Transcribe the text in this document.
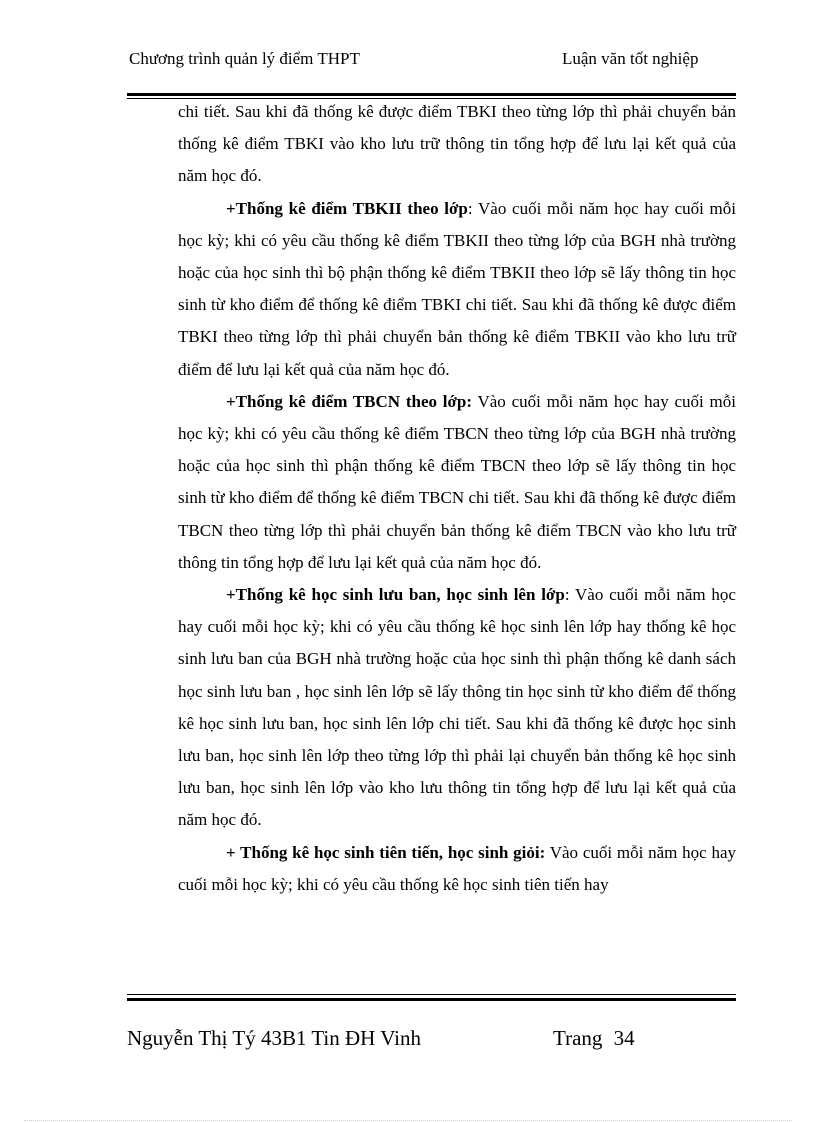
Chương trình quản lý điểm THPT	Luận văn tốt nghiệp

chi tiết. Sau khi đã thống kê được điểm TBKI theo từng lớp thì phải chuyển bản thống kê điểm TBKI vào kho lưu trữ thông tin tổng hợp để lưu lại kết quả của năm học đó.

+Thống kê điểm TBKII theo lớp: Vào cuối mỗi năm học hay cuối mỗi học kỳ; khi có yêu cầu thống kê điểm TBKII theo từng lớp của BGH nhà trường hoặc của học sinh thì bộ phận thống kê điểm TBKII theo lớp sẽ lấy thông tin học sinh từ kho điểm để thống kê điểm TBKI chi tiết. Sau khi đã thống kê được điểm TBKI theo từng lớp thì phải chuyển bản thống kê điểm TBKII vào kho lưu trữ điểm để lưu lại kết quả của năm học đó.

+Thống kê điểm TBCN theo lớp: Vào cuối mỗi năm học hay cuối mỗi học kỳ; khi có yêu cầu thống kê điểm TBCN theo từng lớp của BGH nhà trường hoặc của học sinh thì phận thống kê điểm TBCN theo lớp sẽ lấy thông tin học sinh từ kho điểm để thống kê điểm TBCN chi tiết. Sau khi đã thống kê được điểm TBCN theo từng lớp thì phải chuyển bản thống kê điểm TBCN vào kho lưu trữ thông tin tổng hợp để lưu lại kết quả của năm học đó.

+Thống kê học sinh lưu ban, học sinh lên lớp: Vào cuối mỗi năm học hay cuối mỗi học kỳ; khi có yêu cầu thống kê học sinh lên lớp hay thống kê học sinh lưu ban của BGH nhà trường hoặc của học sinh thì phận thống kê danh sách học sinh lưu ban , học sinh lên lớp sẽ lấy thông tin học sinh từ kho điểm để thống kê học sinh lưu ban, học sinh lên lớp chi tiết. Sau khi đã thống kê được học sinh lưu ban, học sinh lên lớp theo từng lớp thì phải lại chuyển bản thống kê học sinh lưu ban, học sinh lên lớp vào kho lưu thông tin tổng hợp để lưu lại kết quả của năm học đó.

+ Thống kê học sinh tiên tiến, học sinh giỏi: Vào cuối mỗi năm học hay cuối mỗi học kỳ; khi có yêu cầu thống kê học sinh tiên tiến hay

Nguyễn Thị Tý 43B1 Tin ĐH Vinh	Trang 34
